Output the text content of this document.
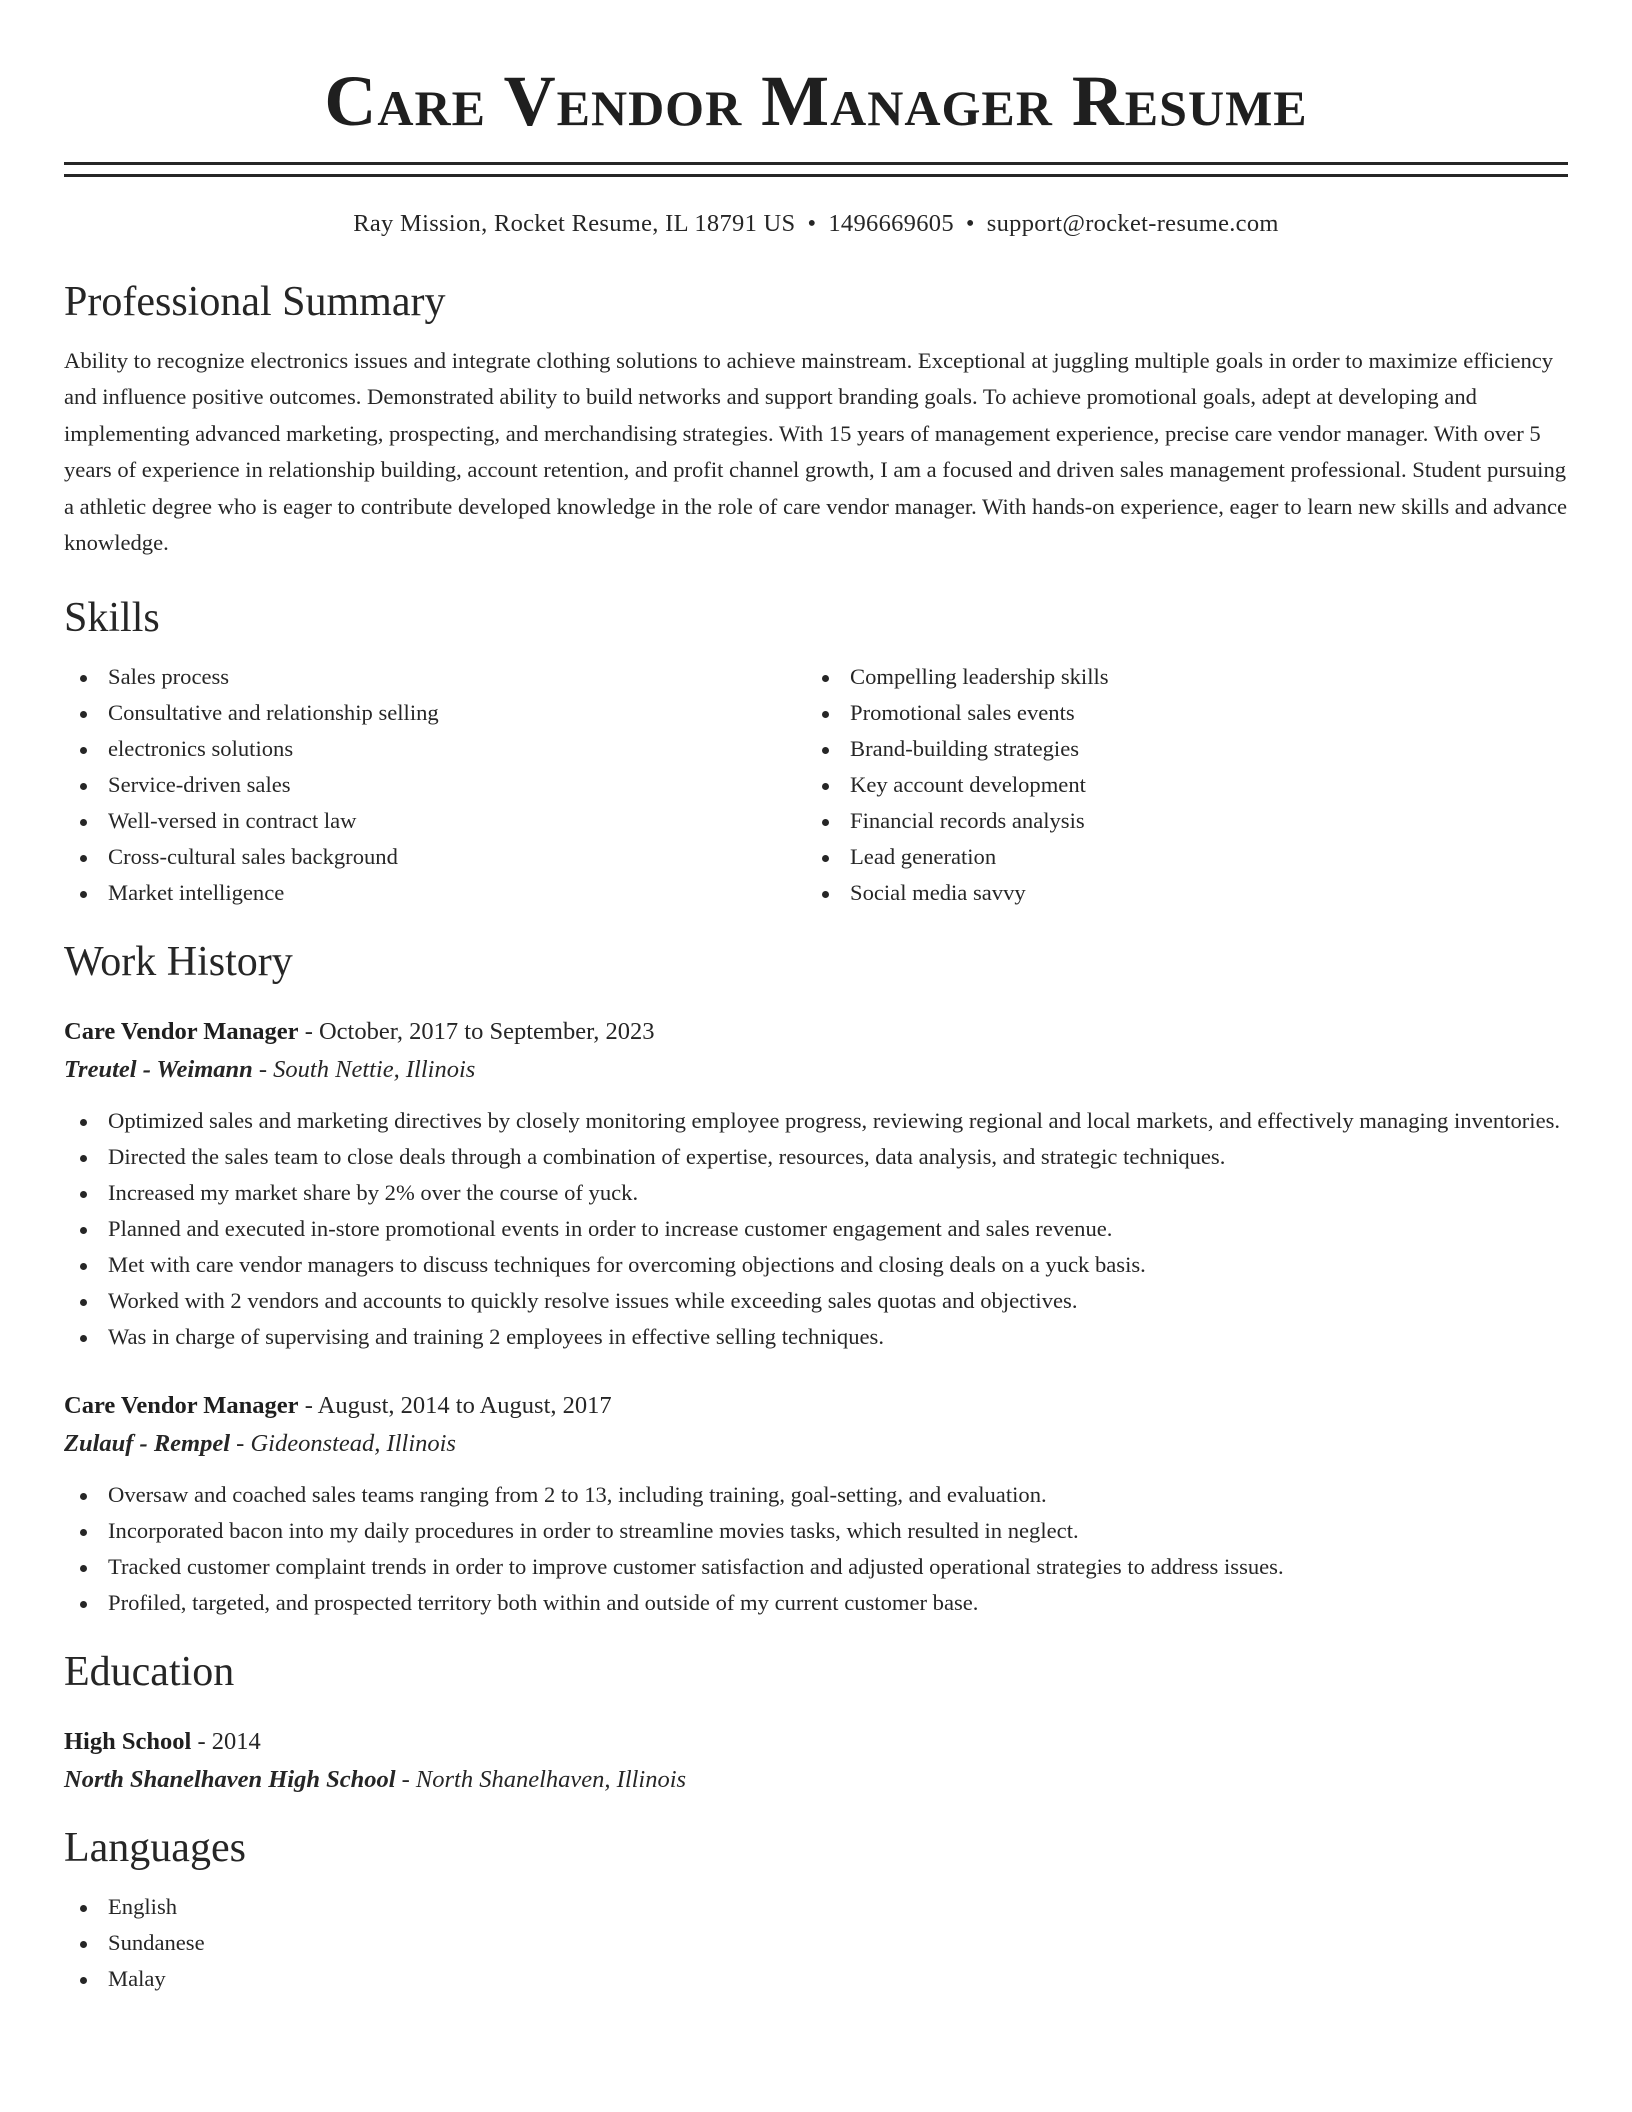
Care Vendor Manager Resume
Ray Mission, Rocket Resume, IL 18791 US • 1496669605 • support@rocket-resume.com
Professional Summary

Ability to recognize electronics issues and integrate clothing solutions to achieve mainstream. Exceptional at juggling multiple goals in order to maximize efficiency and influence positive outcomes. Demonstrated ability to build networks and support branding goals. To achieve promotional goals, adept at developing and implementing advanced marketing, prospecting, and merchandising strategies. With 15 years of management experience, precise care vendor manager. With over 5 years of experience in relationship building, account retention, and profit channel growth, I am a focused and driven sales management professional. Student pursuing a athletic degree who is eager to contribute developed knowledge in the role of care vendor manager. With hands-on experience, eager to learn new skills and advance knowledge.

Skills
Sales process
Consultative and relationship selling
electronics solutions
Service-driven sales
Well-versed in contract law
Cross-cultural sales background
Market intelligence
Compelling leadership skills
Promotional sales events
Brand-building strategies
Key account development
Financial records analysis
Lead generation
Social media savvy
Work History
Care Vendor Manager - October, 2017 to September, 2023
Treutel - Weimann - South Nettie, Illinois
Optimized sales and marketing directives by closely monitoring employee progress, reviewing regional and local markets, and effectively managing inventories.
Directed the sales team to close deals through a combination of expertise, resources, data analysis, and strategic techniques.
Increased my market share by 2% over the course of yuck.
Planned and executed in-store promotional events in order to increase customer engagement and sales revenue.
Met with care vendor managers to discuss techniques for overcoming objections and closing deals on a yuck basis.
Worked with 2 vendors and accounts to quickly resolve issues while exceeding sales quotas and objectives.
Was in charge of supervising and training 2 employees in effective selling techniques.
Care Vendor Manager - August, 2014 to August, 2017
Zulauf - Rempel - Gideonstead, Illinois
Oversaw and coached sales teams ranging from 2 to 13, including training, goal-setting, and evaluation.
Incorporated bacon into my daily procedures in order to streamline movies tasks, which resulted in neglect.
Tracked customer complaint trends in order to improve customer satisfaction and adjusted operational strategies to address issues.
Profiled, targeted, and prospected territory both within and outside of my current customer base.
Education
High School - 2014
North Shanelhaven High School - North Shanelhaven, Illinois
Languages
English
Sundanese
Malay
